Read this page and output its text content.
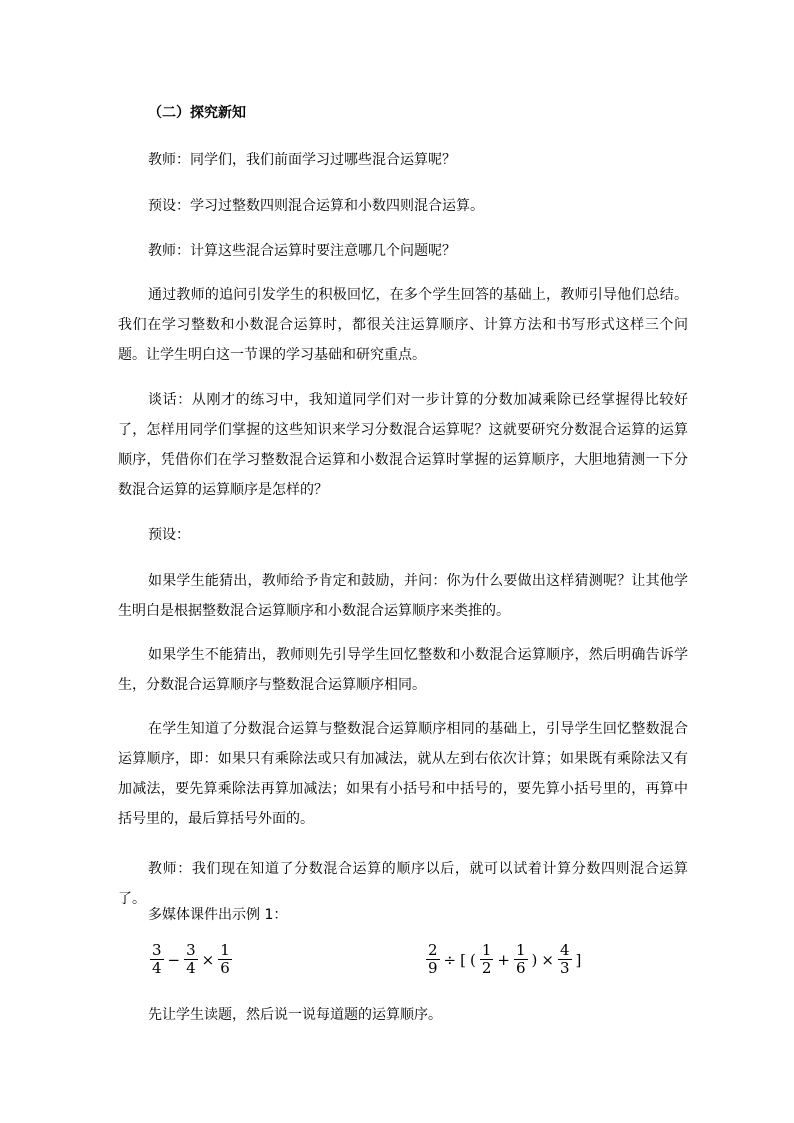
（二）探究新知
教师：同学们，我们前面学习过哪些混合运算呢？
预设：学习过整数四则混合运算和小数四则混合运算。
教师：计算这些混合运算时要注意哪几个问题呢？
通过教师的追问引发学生的积极回忆，在多个学生回答的基础上，教师引导他们总结。我们在学习整数和小数混合运算时，都很关注运算顺序、计算方法和书写形式这样三个问题。让学生明白这一节课的学习基础和研究重点。
谈话：从刚才的练习中，我知道同学们对一步计算的分数加减乘除已经掌握得比较好了，怎样用同学们掌握的这些知识来学习分数混合运算呢？这就要研究分数混合运算的运算顺序，凭借你们在学习整数混合运算和小数混合运算时掌握的运算顺序，大胆地猜测一下分数混合运算的运算顺序是怎样的？
预设：
如果学生能猜出，教师给予肯定和鼓励，并问：你为什么要做出这样猜测呢？让其他学生明白是根据整数混合运算顺序和小数混合运算顺序来类推的。
如果学生不能猜出，教师则先引导学生回忆整数和小数混合运算顺序，然后明确告诉学生，分数混合运算顺序与整数混合运算顺序相同。
在学生知道了分数混合运算与整数混合运算顺序相同的基础上，引导学生回忆整数混合运算顺序，即：如果只有乘除法或只有加减法，就从左到右依次计算；如果既有乘除法又有加减法，要先算乘除法再算加减法；如果有小括号和中括号的，要先算小括号里的，再算中括号里的，最后算括号外面的。
教师：我们现在知道了分数混合运算的顺序以后，就可以试着计算分数四则混合运算了。
多媒体课件出示例 1：
$\frac{3}{4} - \frac{3}{4} \times \frac{1}{6}$	$\frac{2}{9}$ ÷ [ ( $\frac{1}{2} + \frac{1}{6}$ ) × $\frac{4}{3}$ ]
先让学生读题，然后说一说每道题的运算顺序。
